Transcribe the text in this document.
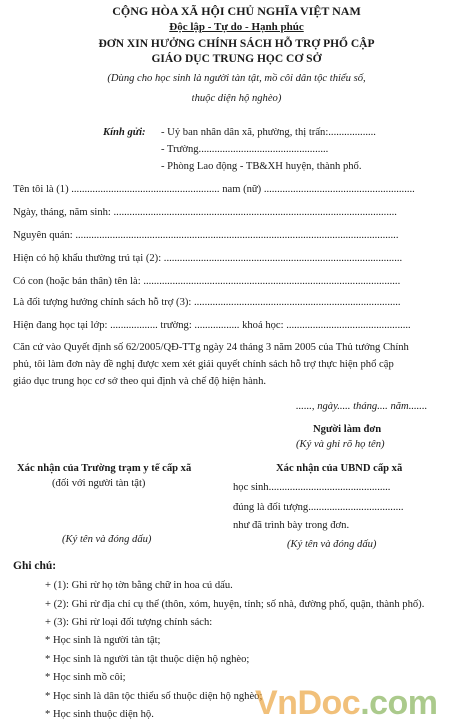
CỘNG HÒA XÃ HỘI CHỦ NGHĨA VIỆT NAM
Độc lập - Tự do - Hạnh phúc
ĐƠN XIN HƯỞNG CHÍNH SÁCH HỖ TRỢ PHỔ CẬP
GIÁO DỤC TRUNG HỌC CƠ SỞ
(Dùng cho học sinh là người tàn tật, mồ côi dân tộc thiểu số,
thuộc diện hộ nghèo)
Kính gửi: - Uỷ ban nhân dân xã, phường, thị trấn:..................
- Trường.................................................
- Phòng Lao động - TB&XH huyện, thành phố.
Tên tôi là (1) ........................................................ nam (nữ) .........................................................
Ngày, tháng, năm sinh: ...........................................................................................................
Nguyên quán: ..........................................................................................................................
Hiện có hộ khẩu thường trú tại (2): ..........................................................................................
Có con (hoặc bản thân) tên là: .................................................................................................
Là đối tượng hưởng chính sách hỗ trợ (3): ..............................................................................
Hiện đang học tại lớp: .................. trường: ................. khoá học: ...............................................
Căn cứ vào Quyết định số 62/2005/QĐ-TTg ngày 24 tháng 3 năm 2005 của Thủ tướng Chính
phủ, tôi làm đơn này đề nghị được xem xét giải quyết chính sách hỗ trợ thực hiện phổ cập
giáo dục trung học cơ sở theo qui định và chế độ hiện hành.
......, ngày..... tháng.... năm.......
Người làm đơn
(Ký và ghi rõ họ tên)
Xác nhận của Trường trạm y tế cấp xã
(đối với người tàn tật)
(Ký tên và đóng dấu)
Xác nhận của UBND cấp xã
học sinh..............................................
đúng là đối tượng....................................
như đã trình bày trong đơn.
(Ký tên và đóng dấu)
Ghi chú:
+ (1): Ghi rừ họ tờn bằng chữ in hoa cú dấu.
+ (2): Ghi rừ địa chỉ cụ thể (thôn, xóm, huyện, tỉnh; số nhà, đường phố, quận, thành phố).
+ (3): Ghi rừ loại đối tượng chính sách:
* Học sinh là người tàn tật;
* Học sinh là người tàn tật thuộc diện hộ nghèo;
* Học sinh mồ côi;
* Học sinh là dân tộc thiểu số thuộc diện hộ nghèo;
* Học sinh thuộc diện hộ.	VnDoc.com
